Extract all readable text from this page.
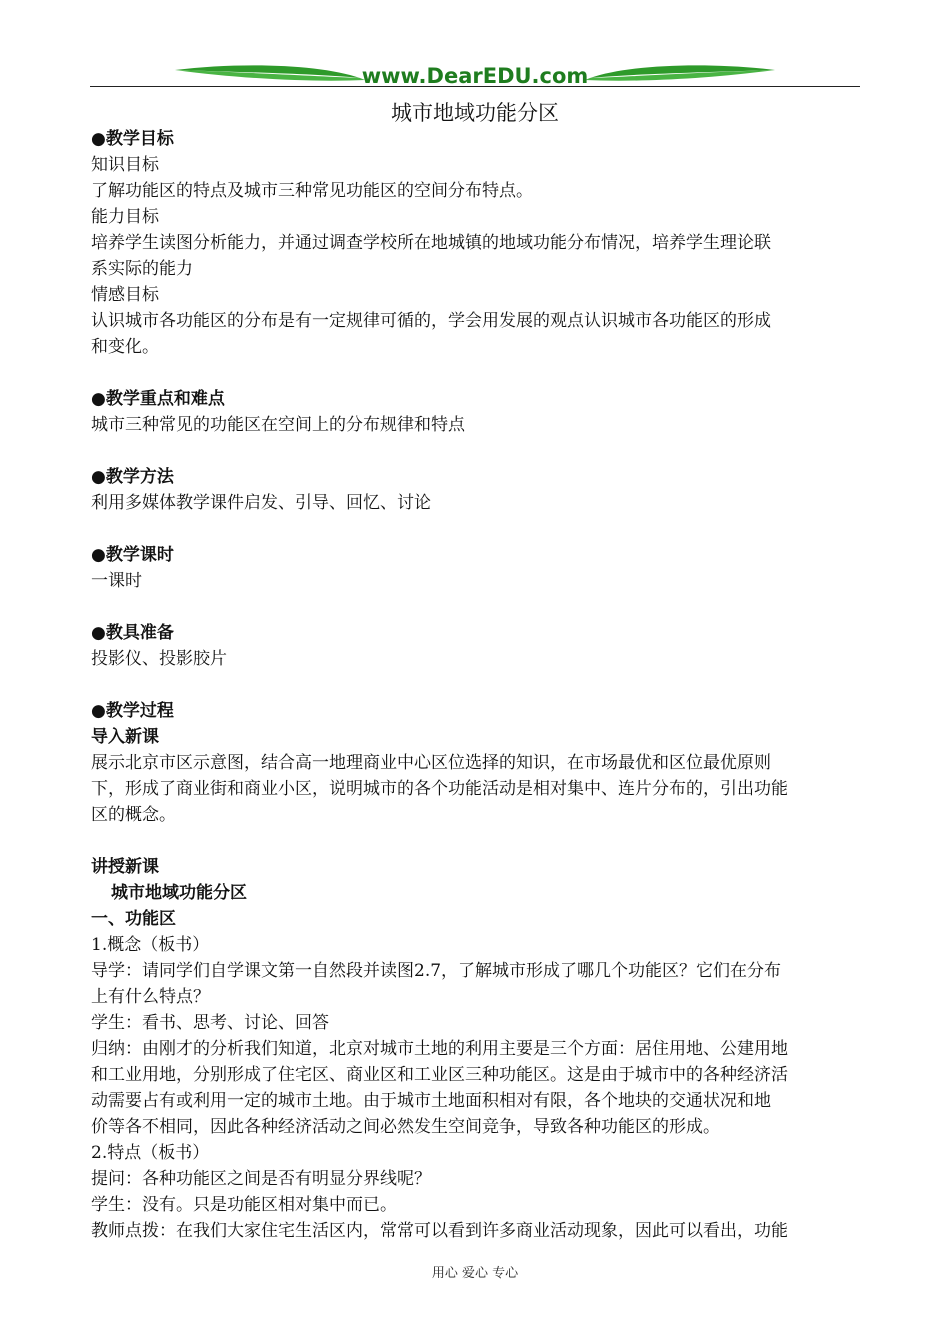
www.DearEDU.com
城市地域功能分区

●教学目标

知识目标

了解功能区的特点及城市三种常见功能区的空间分布特点。

能力目标

培养学生读图分析能力，并通过调查学校所在地城镇的地域功能分布情况，培养学生理论联

系实际的能力

情感目标

认识城市各功能区的分布是有一定规律可循的，学会用发展的观点认识城市各功能区的形成

和变化。

●教学重点和难点

城市三种常见的功能区在空间上的分布规律和特点

●教学方法

利用多媒体教学课件启发、引导、回忆、讨论

●教学课时

一课时

●教具准备

投影仪、投影胶片

●教学过程

导入新课

展示北京市区示意图，结合高一地理商业中心区位选择的知识，在市场最优和区位最优原则

下，形成了商业街和商业小区，说明城市的各个功能活动是相对集中、连片分布的，引出功能

区的概念。

讲授新课

城市地域功能分区

一、功能区

1.概念（板书）

导学：请同学们自学课文第一自然段并读图2.7，了解城市形成了哪几个功能区？它们在分布

上有什么特点？

学生：看书、思考、讨论、回答

归纳：由刚才的分析我们知道，北京对城市土地的利用主要是三个方面：居住用地、公建用地

和工业用地，分别形成了住宅区、商业区和工业区三种功能区。这是由于城市中的各种经济活

动需要占有或利用一定的城市土地。由于城市土地面积相对有限，各个地块的交通状况和地

价等各不相同，因此各种经济活动之间必然发生空间竞争，导致各种功能区的形成。

2.特点（板书）

提问：各种功能区之间是否有明显分界线呢？

学生：没有。只是功能区相对集中而已。

教师点拨：在我们大家住宅生活区内，常常可以看到许多商业活动现象，因此可以看出，功能

用心 爱心 专心
